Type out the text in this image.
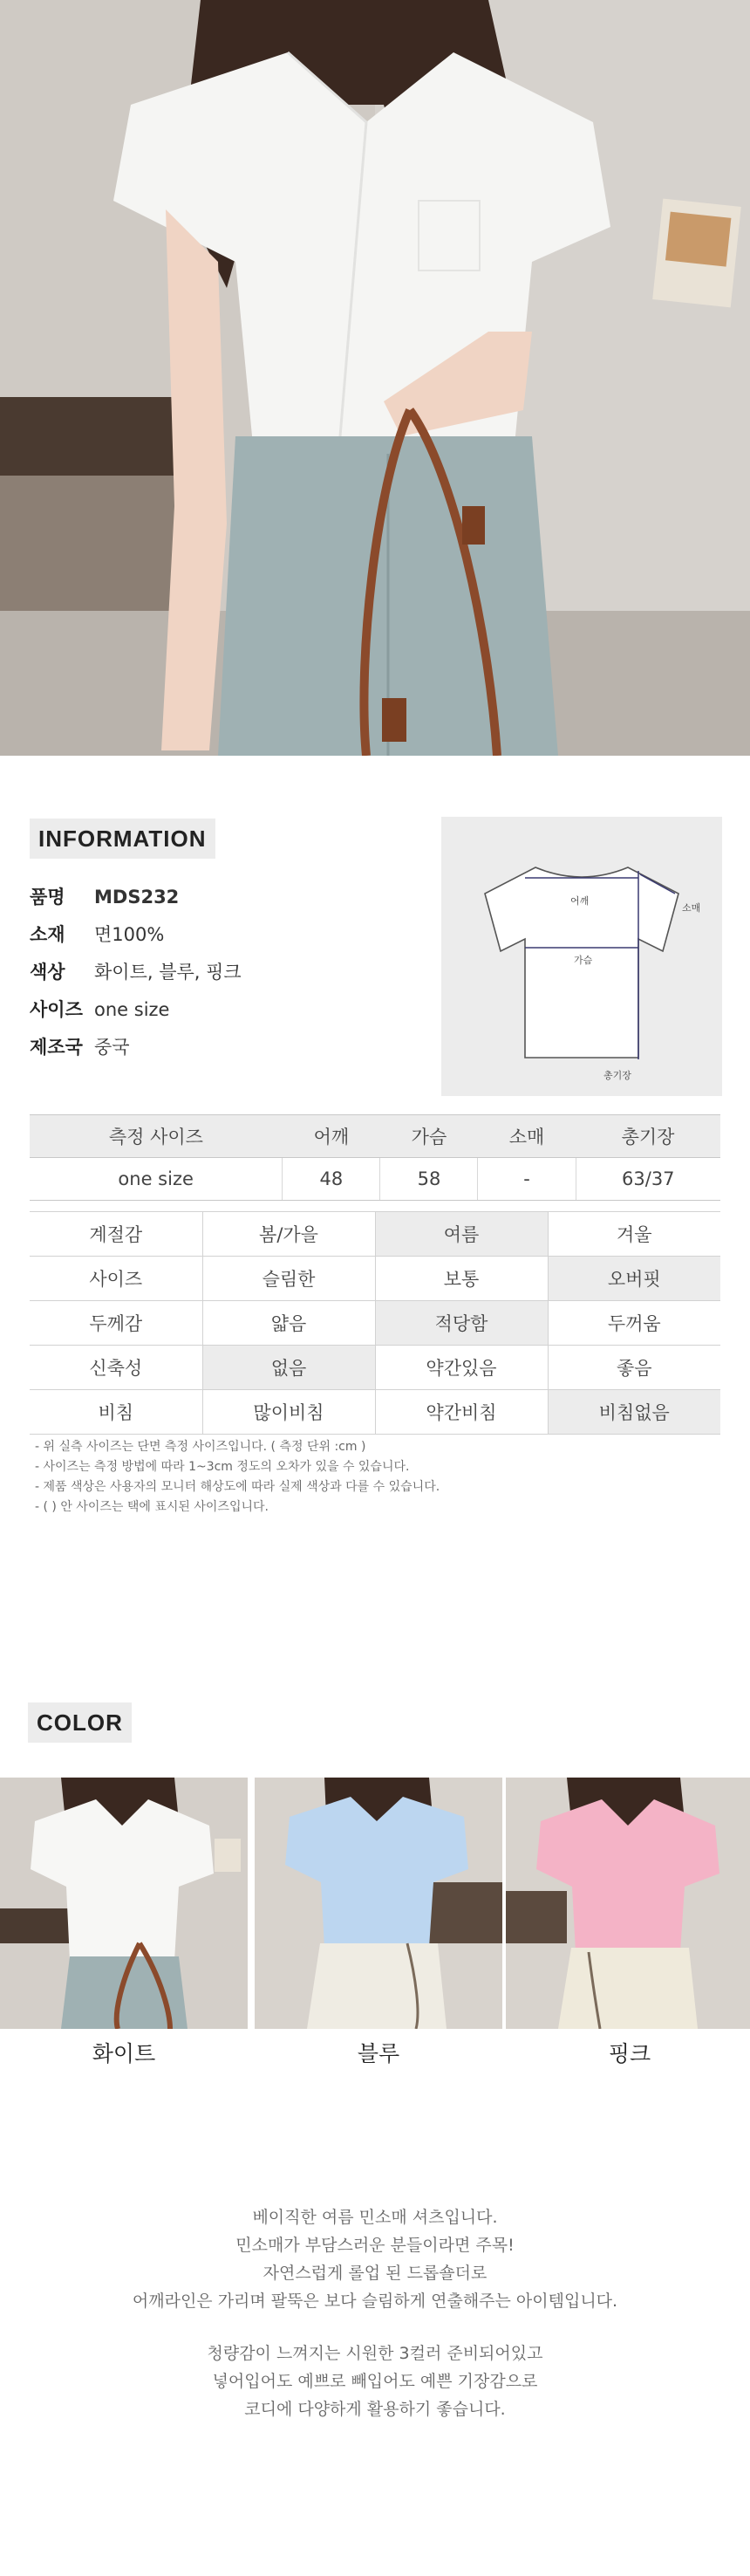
INFORMATION
품명 MDS232
소재 면100%
색상 화이트, 블루, 핑크
사이즈 one size
제조국 중국
어깨
소매
가슴
총기장
측정 사이즈	어깨	가슴	소매	총기장
one size	48	58	-	63/37
계절감	봄/가을	여름	겨울
사이즈	슬림한	보통	오버핏
두께감	얇음	적당함	두꺼움
신축성	없음	약간있음	좋음
비침	많이비침	약간비침	비침없음
- 위 실측 사이즈는 단면 측정 사이즈입니다. ( 측정 단위 :cm )
- 사이즈는 측정 방법에 따라 1~3cm 정도의 오차가 있을 수 있습니다.
- 제품 색상은 사용자의 모니터 해상도에 따라 실제 색상과 다를 수 있습니다.
- ( ) 안 사이즈는 택에 표시된 사이즈입니다.
COLOR
화이트	블루	핑크
베이직한 여름 민소매 셔츠입니다.
민소매가 부담스러운 분들이라면 주목!
자연스럽게 롤업 된 드롭숄더로
어깨라인은 가리며 팔뚝은 보다 슬림하게 연출해주는 아이템입니다.
청량감이 느껴지는 시원한 3컬러 준비되어있고
넣어입어도 예쁘로 빼입어도 예쁜 기장감으로
코디에 다양하게 활용하기 좋습니다.
